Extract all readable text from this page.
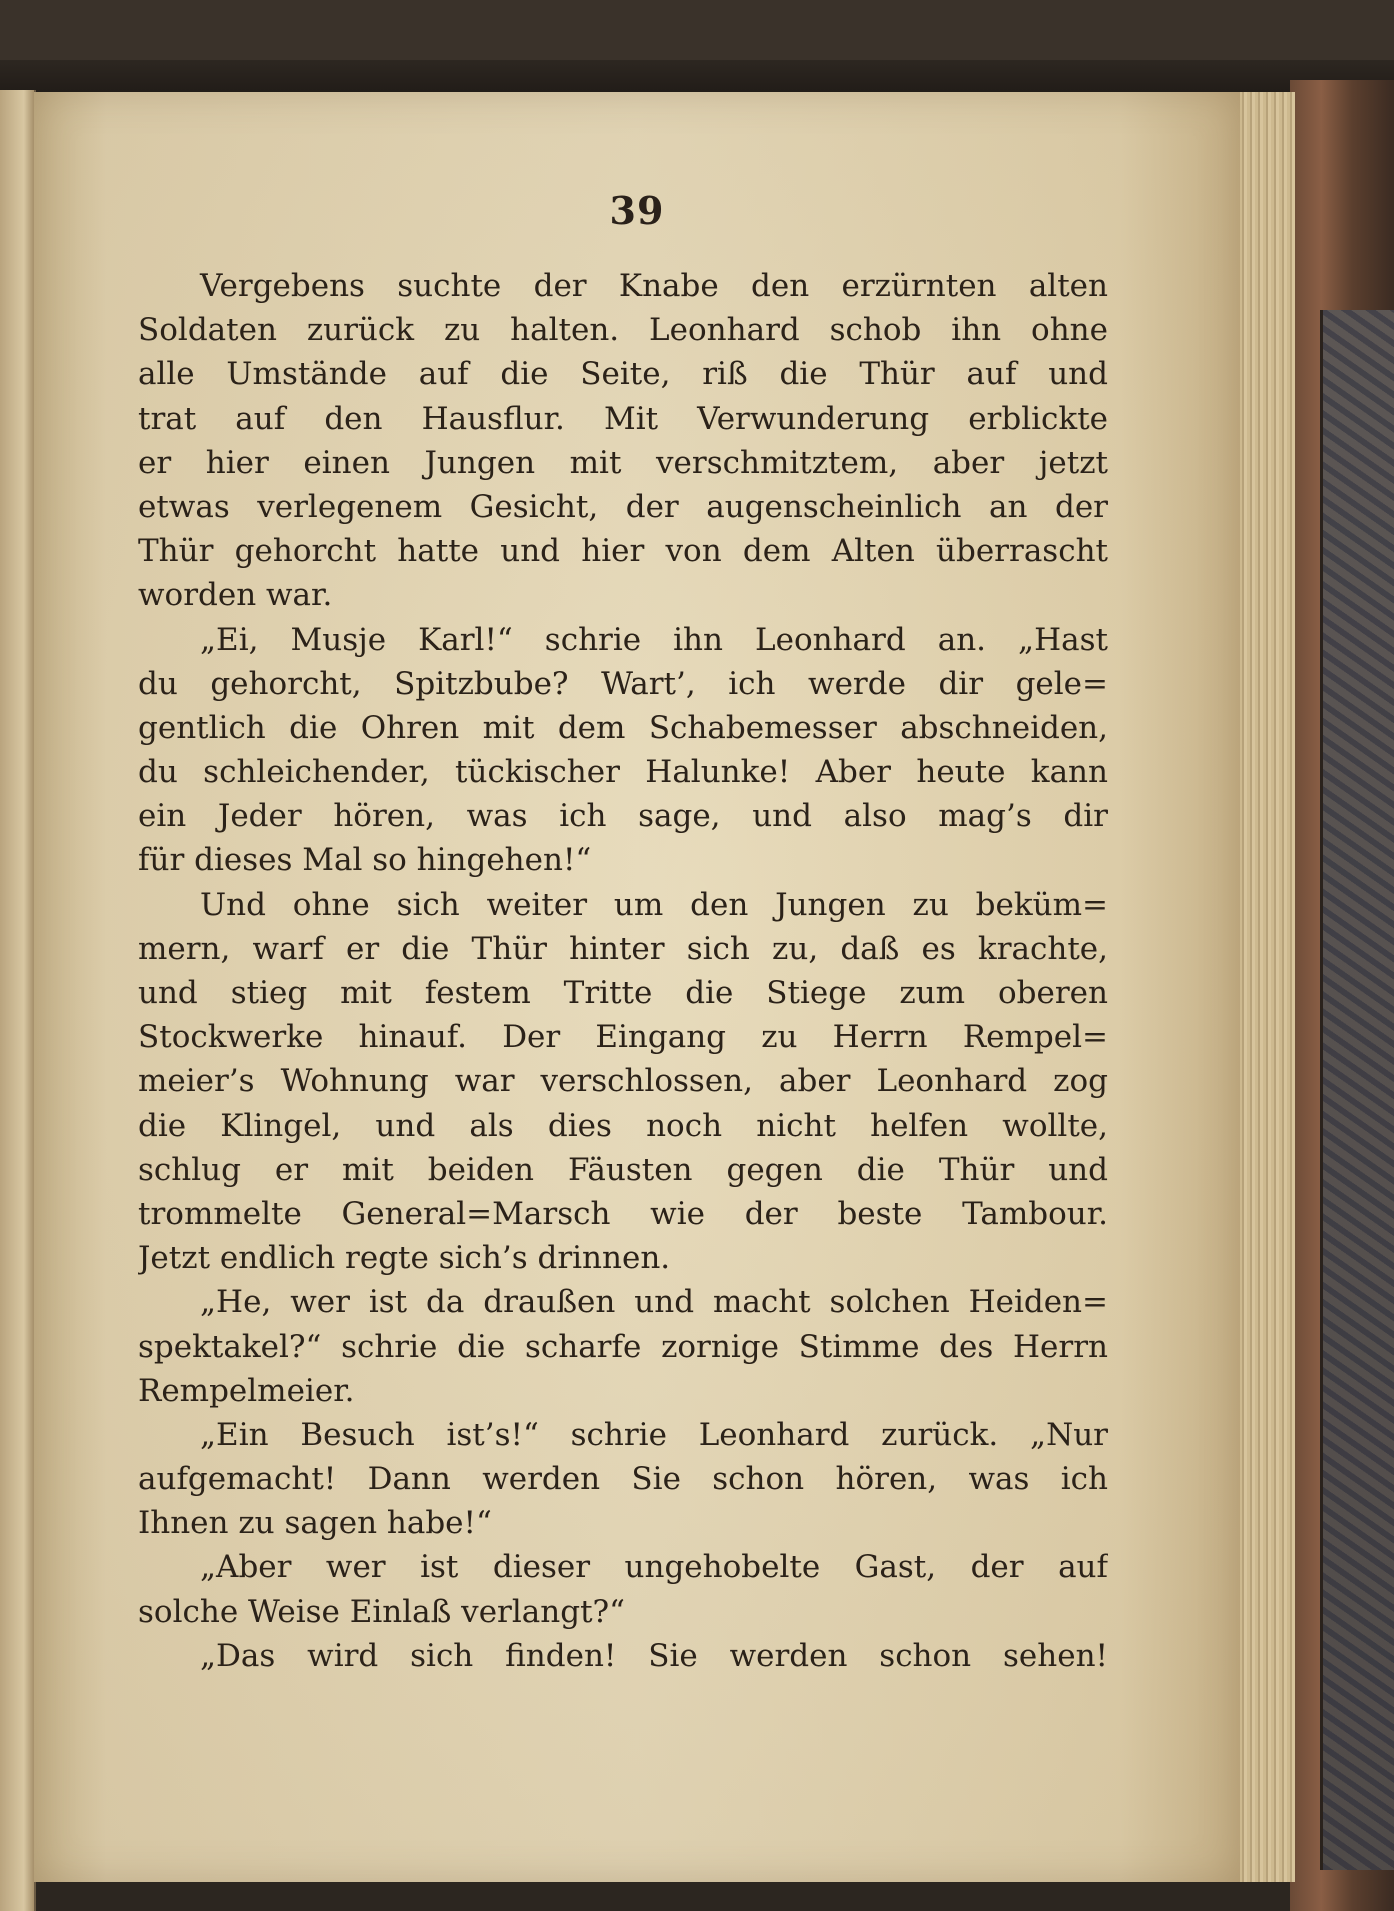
39
Vergebens suchte der Knabe den erzürnten alten
Soldaten zurück zu halten. Leonhard schob ihn ohne
alle Umstände auf die Seite, riß die Thür auf und
trat auf den Hausflur. Mit Verwunderung erblickte
er hier einen Jungen mit verschmitztem, aber jetzt
etwas verlegenem Gesicht, der augenscheinlich an der
Thür gehorcht hatte und hier von dem Alten überrascht
worden war.
„Ei, Musje Karl!“ schrie ihn Leonhard an. „Hast
du gehorcht, Spitzbube? Wart’, ich werde dir gele=
gentlich die Ohren mit dem Schabemesser abschneiden,
du schleichender, tückischer Halunke! Aber heute kann
ein Jeder hören, was ich sage, und also mag’s dir
für dieses Mal so hingehen!“
Und ohne sich weiter um den Jungen zu beküm=
mern, warf er die Thür hinter sich zu, daß es krachte,
und stieg mit festem Tritte die Stiege zum oberen
Stockwerke hinauf. Der Eingang zu Herrn Rempel=
meier’s Wohnung war verschlossen, aber Leonhard zog
die Klingel, und als dies noch nicht helfen wollte,
schlug er mit beiden Fäusten gegen die Thür und
trommelte General=Marsch wie der beste Tambour.
Jetzt endlich regte sich’s drinnen.
„He, wer ist da draußen und macht solchen Heiden=
spektakel?“ schrie die scharfe zornige Stimme des Herrn
Rempelmeier.
„Ein Besuch ist’s!“ schrie Leonhard zurück. „Nur
aufgemacht! Dann werden Sie schon hören, was ich
Ihnen zu sagen habe!“
„Aber wer ist dieser ungehobelte Gast, der auf
solche Weise Einlaß verlangt?“
„Das wird sich finden! Sie werden schon sehen!
